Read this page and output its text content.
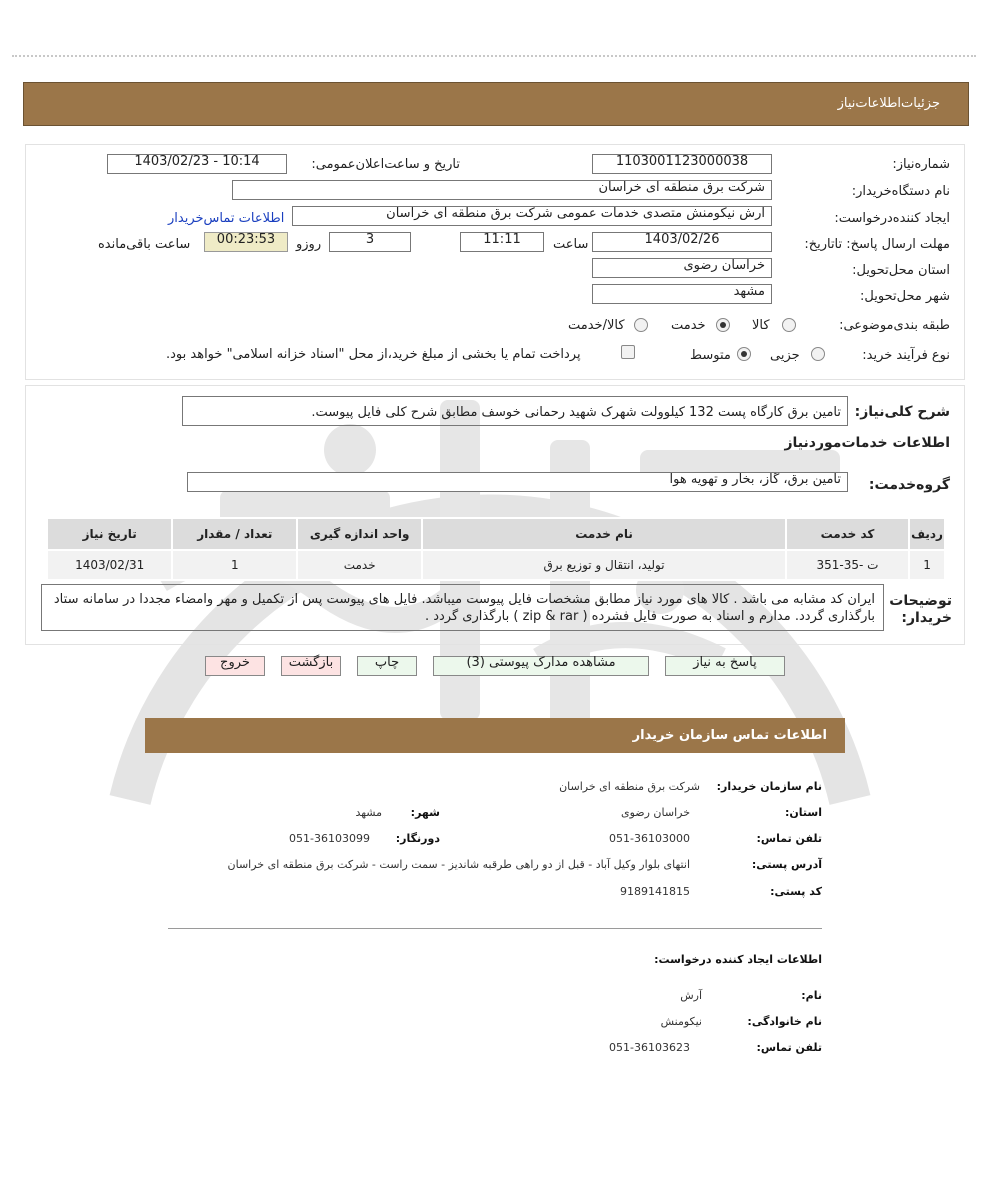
جزئیات‌اطلاعات‌نیاز
شماره‌نیاز:
1103001123000038
تاریخ و ساعت‌اعلان‌عمومی:
1403/02/23 - 10:14
نام دستگاه‌خریدار:
شرکت برق منطقه ای خراسان
ایجاد کننده‌درخواست:
آرش نیکومنش متصدی خدمات عمومی شرکت برق منطقه ای خراسان
اطلاعات تماس‌خریدار
مهلت ارسال پاسخ: تاتاریخ:
1403/02/26
ساعت
11:11
3
روزو
00:23:53
ساعت باقی‌مانده
استان محل‌تحویل:
خراسان رضوی
شهر محل‌تحویل:
مشهد
طبقه بندی‌موضوعی:
کالا
خدمت
کالا/خدمت
نوع فرآیند خرید:
جزیی
متوسط
پرداخت تمام یا بخشی از مبلغ خرید،از محل "اسناد خزانه اسلامی" خواهد بود.
شرح کلی‌نیاز:
تامین برق کارگاه پست 132 کیلوولت شهرک شهید رحمانی خوسف مطابق شرح کلی فایل پیوست.
اطلاعات خدمات‌موردنیاز
گروه‌خدمت:
تامین برق، گاز، بخار و تهویه هوا
ردیف	کد خدمت	نام خدمت	واحد اندازه گیری	تعداد / مقدار	تاریخ نیاز
1	ت -35-351	تولید، انتقال و توزیع برق	خدمت	1	1403/02/31
توضیحات خریدار:
ایران کد مشابه می باشد . کالا های مورد نیاز مطابق مشخصات فایل پیوست میباشد. فایل های پیوست پس از تکمیل و مهر وامضاء مجددا در سامانه ستاد بارگذاری گردد. مدارم و اسناد به صورت فایل فشرده ( zip & rar ) بارگذاری گردد .
پاسخ به نیاز
مشاهده مدارک پیوستی (3)
چاپ
بازگشت
خروج
اطلاعات تماس سازمان خریدار
نام سازمان خریدار:
شرکت برق منطقه ای خراسان
استان:
خراسان رضوی
شهر:
مشهد
تلفن تماس:
051-36103000
دورنگار:
051-36103099
آدرس پستی:
انتهای بلوار وکیل آباد - قبل از دو راهی طرقبه شاندیز - سمت راست - شرکت برق منطقه ای خراسان
کد پستی:
9189141815
اطلاعات ایجاد کننده درخواست:
نام:
آرش
نام خانوادگی:
نیکومنش
تلفن تماس:
051-36103623
